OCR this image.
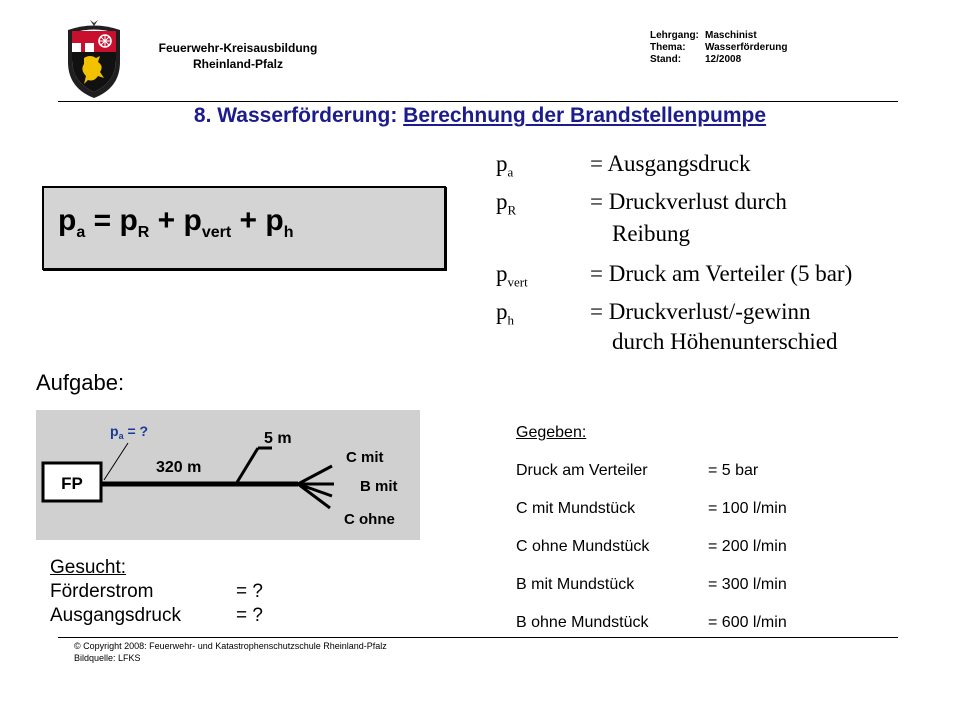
Feuerwehr-Kreisausbildung
Rheinland-Pfalz
Lehrgang: Maschinist
Thema: Wasserförderung
Stand: 12/2008
8. Wasserförderung: Berechnung der Brandstellenpumpe
$p_a = p_R + p_{vert} + p_h$
$p_a$	= Ausgangsdruck
$p_R$	= Druckverlust durch
Reibung
$p_{vert}$	= Druck am Verteiler (5 bar)
$p_h$	= Druckverlust/-gewinn
durch Höhenunterschied
Aufgabe:
FP
$p_a$ = ?
320 m
5 m
C mit
B mit
C ohne
Gesucht:
Förderstrom	= ?
Ausgangsdruck	= ?
Gegeben:
Druck am Verteiler	= 5 bar
C mit Mundstück	= 100 l/min
C ohne Mundstück	= 200 l/min
B mit Mundstück	= 300 l/min
B ohne Mundstück	= 600 l/min
© Copyright 2008: Feuerwehr- und Katastrophenschutzschule Rheinland-Pfalz
Bildquelle: LFKS
